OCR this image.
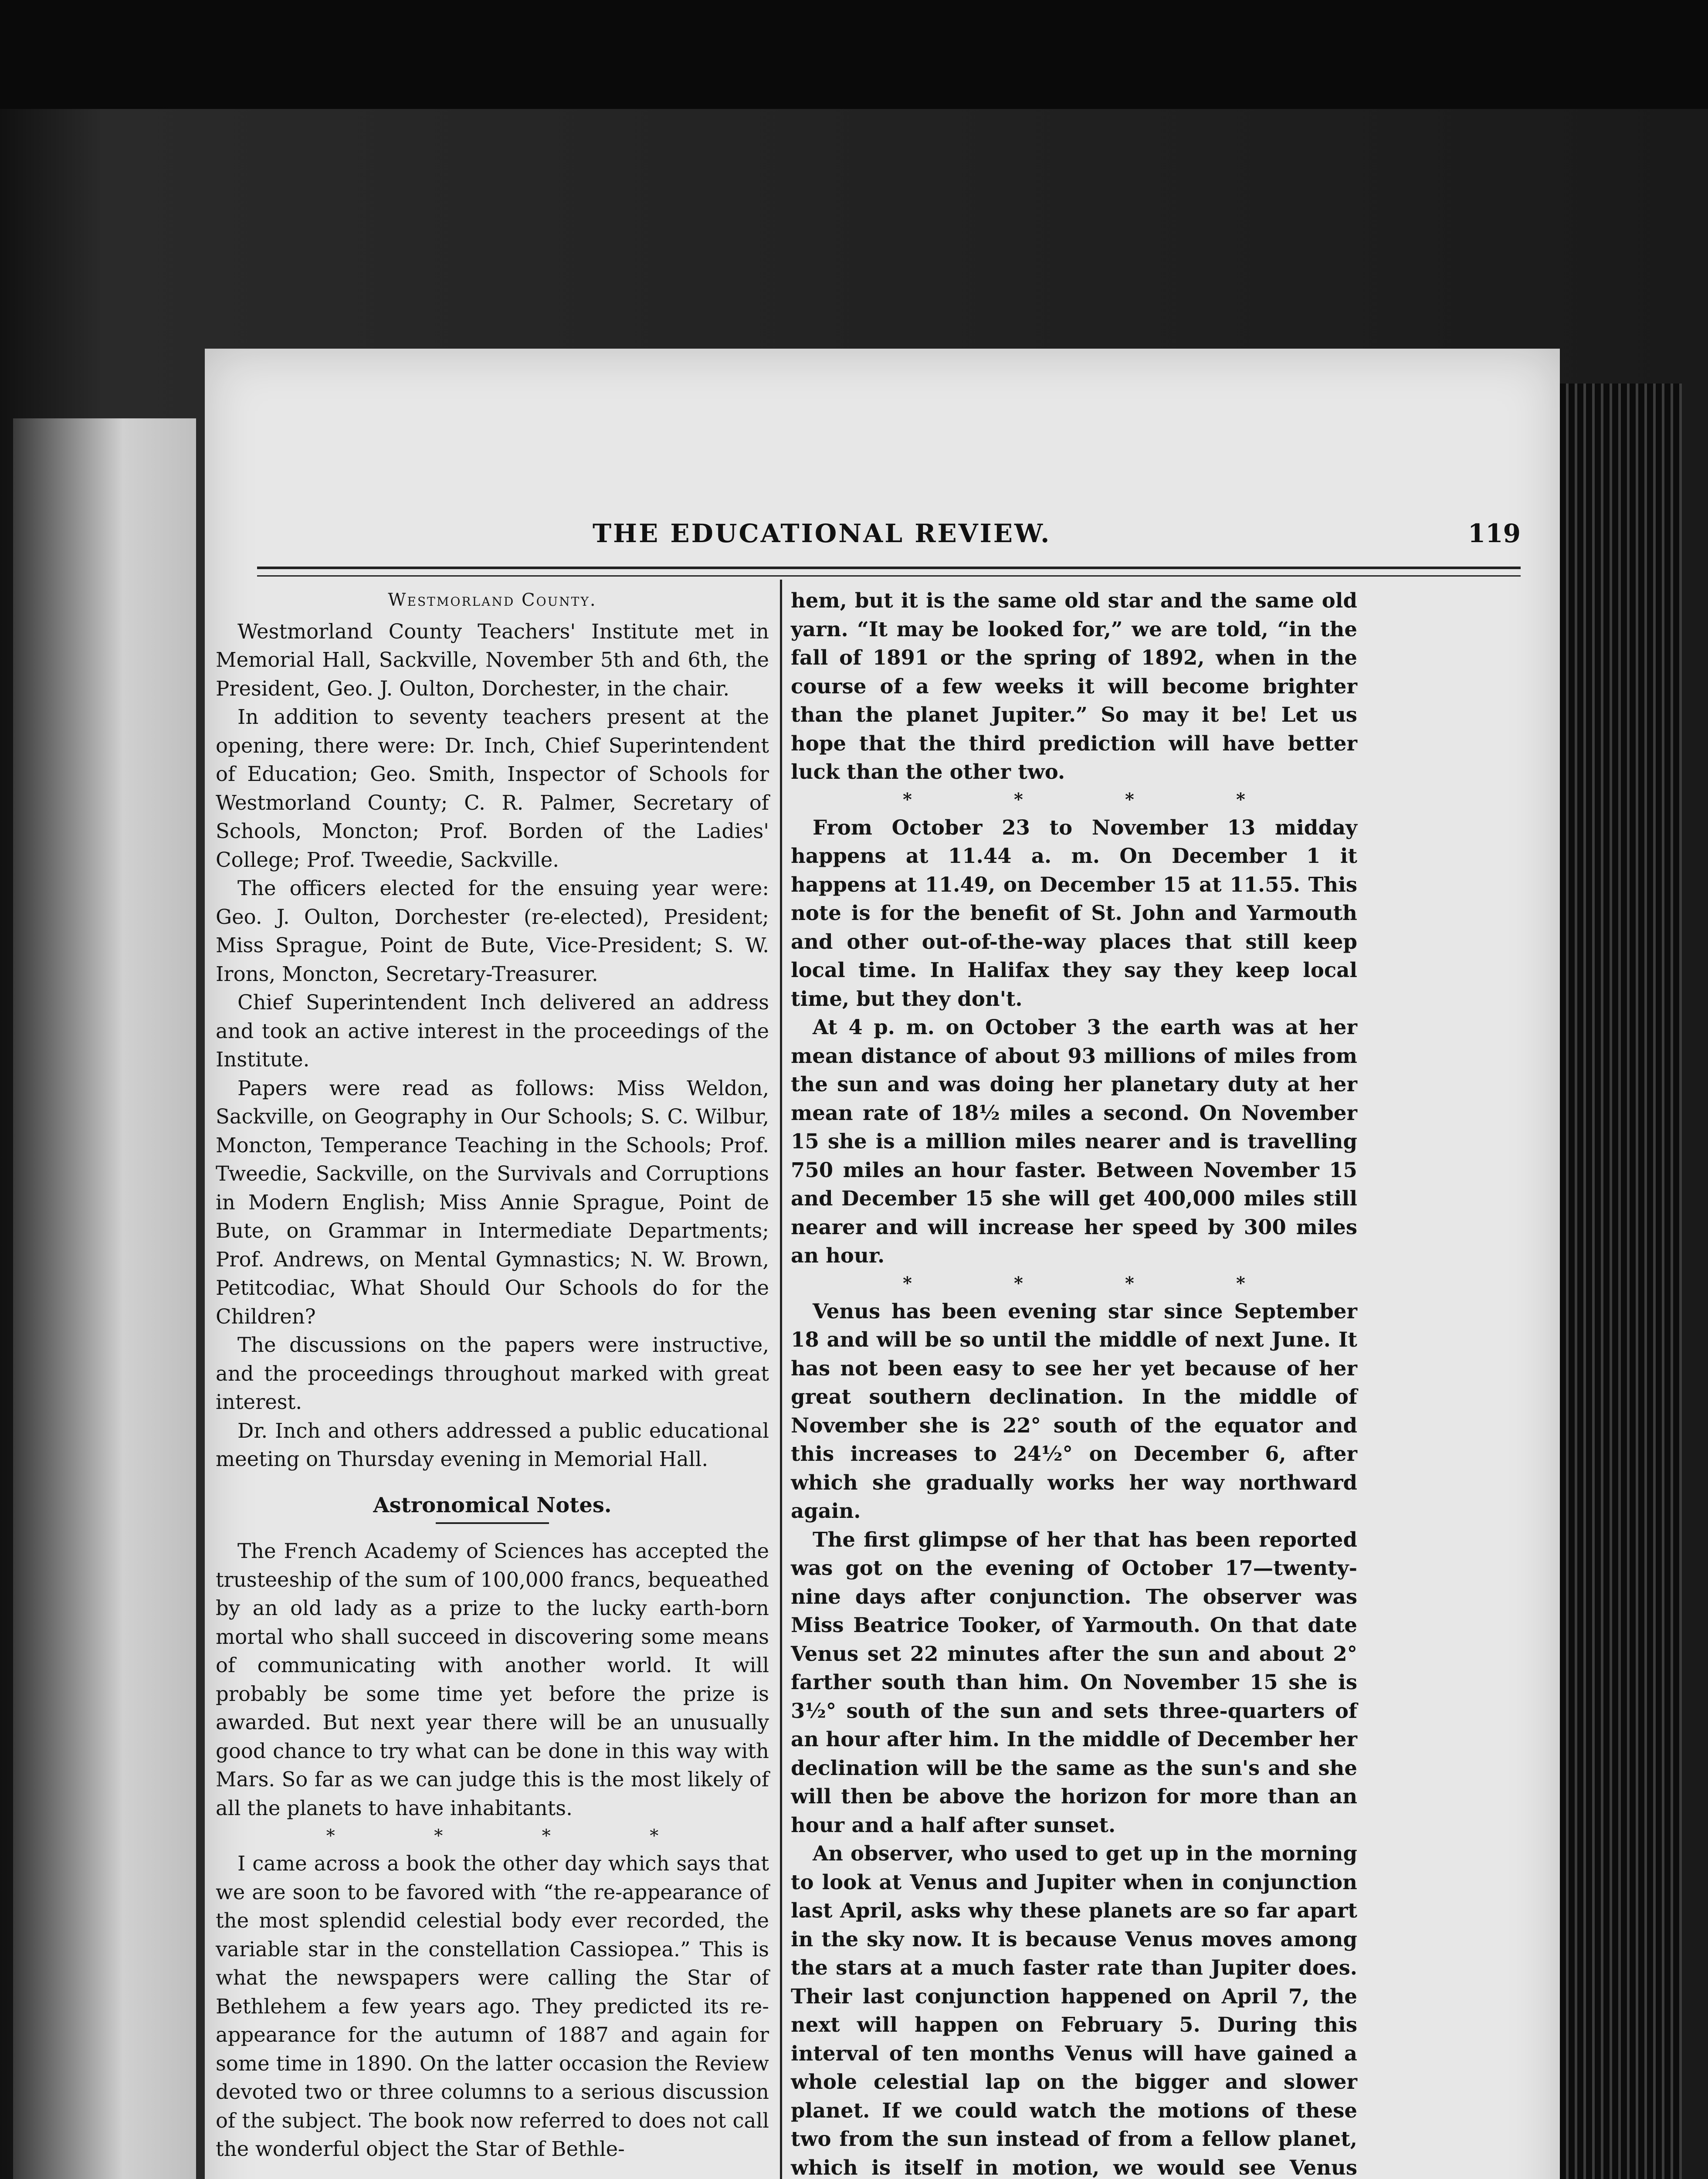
THE EDUCATIONAL REVIEW.	119
Westmorland County.

Westmorland County Teachers' Institute met in Memorial Hall, Sackville, November 5th and 6th, the President, Geo. J. Oulton, Dorchester, in the chair.

In addition to seventy teachers present at the opening, there were: Dr. Inch, Chief Superintendent of Education; Geo. Smith, Inspector of Schools for Westmorland County; C. R. Palmer, Secretary of Schools, Moncton; Prof. Borden of the Ladies' College; Prof. Tweedie, Sackville.

The officers elected for the ensuing year were: Geo. J. Oulton, Dorchester (re-elected), President; Miss Sprague, Point de Bute, Vice-President; S. W. Irons, Moncton, Secretary-Treasurer.

Chief Superintendent Inch delivered an address and took an active interest in the proceedings of the Institute.

Papers were read as follows: Miss Weldon, Sackville, on Geography in Our Schools; S. C. Wilbur, Moncton, Temperance Teaching in the Schools; Prof. Tweedie, Sackville, on the Survivals and Corruptions in Modern English; Miss Annie Sprague, Point de Bute, on Grammar in Intermediate Departments; Prof. Andrews, on Mental Gymnastics; N. W. Brown, Petitcodiac, What Should Our Schools do for the Children?

The discussions on the papers were instructive, and the proceedings throughout marked with great interest.

Dr. Inch and others addressed a public educational meeting on Thursday evening in Memorial Hall.

Astronomical Notes.

The French Academy of Sciences has accepted the trusteeship of the sum of 100,000 francs, bequeathed by an old lady as a prize to the lucky earth-born mortal who shall succeed in discovering some means of communicating with another world. It will probably be some time yet before the prize is awarded. But next year there will be an unusually good chance to try what can be done in this way with Mars. So far as we can judge this is the most likely of all the planets to have inhabitants.

*	*	*	*

I came across a book the other day which says that we are soon to be favored with “the re-appearance of the most splendid celestial body ever recorded, the variable star in the constellation Cassiopea.” This is what the newspapers were calling the Star of Bethlehem a few years ago. They predicted its re-appearance for the autumn of 1887 and again for some time in 1890. On the latter occasion the Review devoted two or three columns to a serious discussion of the subject. The book now referred to does not call the wonderful object the Star of Bethle-

hem, but it is the same old star and the same old yarn. “It may be looked for,” we are told, “in the fall of 1891 or the spring of 1892, when in the course of a few weeks it will become brighter than the planet Jupiter.” So may it be! Let us hope that the third prediction will have better luck than the other two.

*	*	*	*

From October 23 to November 13 midday happens at 11.44 a. m. On December 1 it happens at 11.49, on December 15 at 11.55. This note is for the benefit of St. John and Yarmouth and other out-of-the-way places that still keep local time. In Halifax they say they keep local time, but they don't.

At 4 p. m. on October 3 the earth was at her mean distance of about 93 millions of miles from the sun and was doing her planetary duty at her mean rate of 18½ miles a second. On November 15 she is a million miles nearer and is travelling 750 miles an hour faster. Between November 15 and December 15 she will get 400,000 miles still nearer and will increase her speed by 300 miles an hour.

*	*	*	*

Venus has been evening star since September 18 and will be so until the middle of next June. It has not been easy to see her yet because of her great southern declination. In the middle of November she is 22° south of the equator and this increases to 24½° on December 6, after which she gradually works her way northward again.

The first glimpse of her that has been reported was got on the evening of October 17—twenty-nine days after conjunction. The observer was Miss Beatrice Tooker, of Yarmouth. On that date Venus set 22 minutes after the sun and about 2° farther south than him. On November 15 she is 3½° south of the sun and sets three-quarters of an hour after him. In the middle of December her declination will be the same as the sun's and she will then be above the horizon for more than an hour and a half after sunset.

An observer, who used to get up in the morning to look at Venus and Jupiter when in conjunction last April, asks why these planets are so far apart in the sky now. It is because Venus moves among the stars at a much faster rate than Jupiter does. Their last conjunction happened on April 7, the next will happen on February 5. During this interval of ten months Venus will have gained a whole celestial lap on the bigger and slower planet. If we could watch the motions of these two from the sun instead of from a fellow planet, which is itself in motion, we would see Venus
